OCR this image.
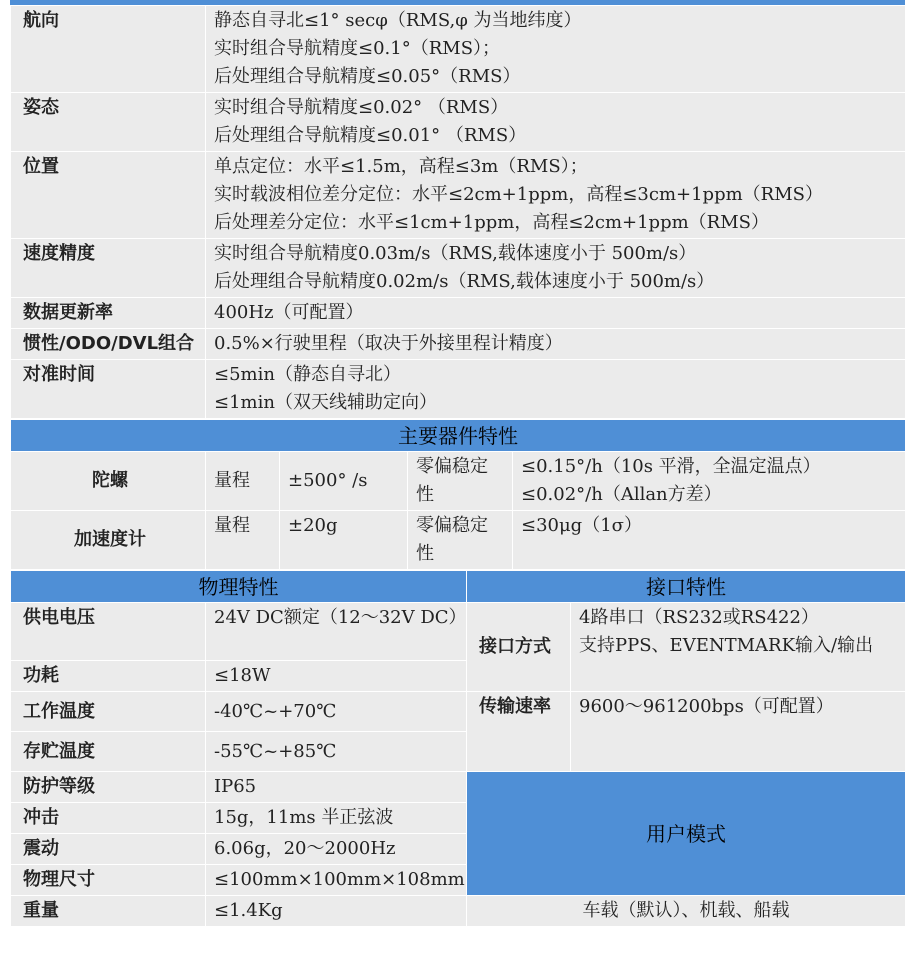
航向	静态自寻北≤1° secφ（RMS,φ 为当地纬度）
实时组合导航精度≤0.1°（RMS）；
后处理组合导航精度≤0.05°（RMS）

姿态	实时组合导航精度≤0.02° （RMS）
后处理组合导航精度≤0.01° （RMS）

位置	单点定位：水平≤1.5m，高程≤3m（RMS）；
实时载波相位差分定位：水平≤2cm+1ppm，高程≤3cm+1ppm（RMS）
后处理差分定位：水平≤1cm+1ppm，高程≤2cm+1ppm（RMS）

速度精度	实时组合导航精度0.03m/s（RMS,载体速度小于 500m/s）
后处理组合导航精度0.02m/s（RMS,载体速度小于 500m/s）

数据更新率	400Hz（可配置）

惯性/ODO/DVL组合	0.5%×行驶里程（取决于外接里程计精度）

对准时间	≤5min（静态自寻北）
≤1min（双天线辅助定向）
主要器件特性				
陀螺	量程	±500° /s	零偏稳定性	≤0.15°/h（10s 平滑，全温定温点）
≤0.02°/h（Allan方差）

加速度计	量程	±20g	零偏稳定性	≤30μg（1σ）
物理特性		接口特性	
供电电压	24V DC额定（12～32V DC）	接口方式	4路串口（RS232或RS422）
支持PPS、EVENTMARK输入/输出

功耗	≤18W		
工作温度	-40℃~+70℃	传输速率	9600～961200bps（可配置）
存贮温度	-55℃~+85℃		
防护等级	IP65	用户模式	
冲击	15g，11ms 半正弦波		
震动	6.06g，20～2000Hz		
物理尺寸	≤100mm×100mm×108mm		
重量	≤1.4Kg	车载（默认）、机载、船载	
